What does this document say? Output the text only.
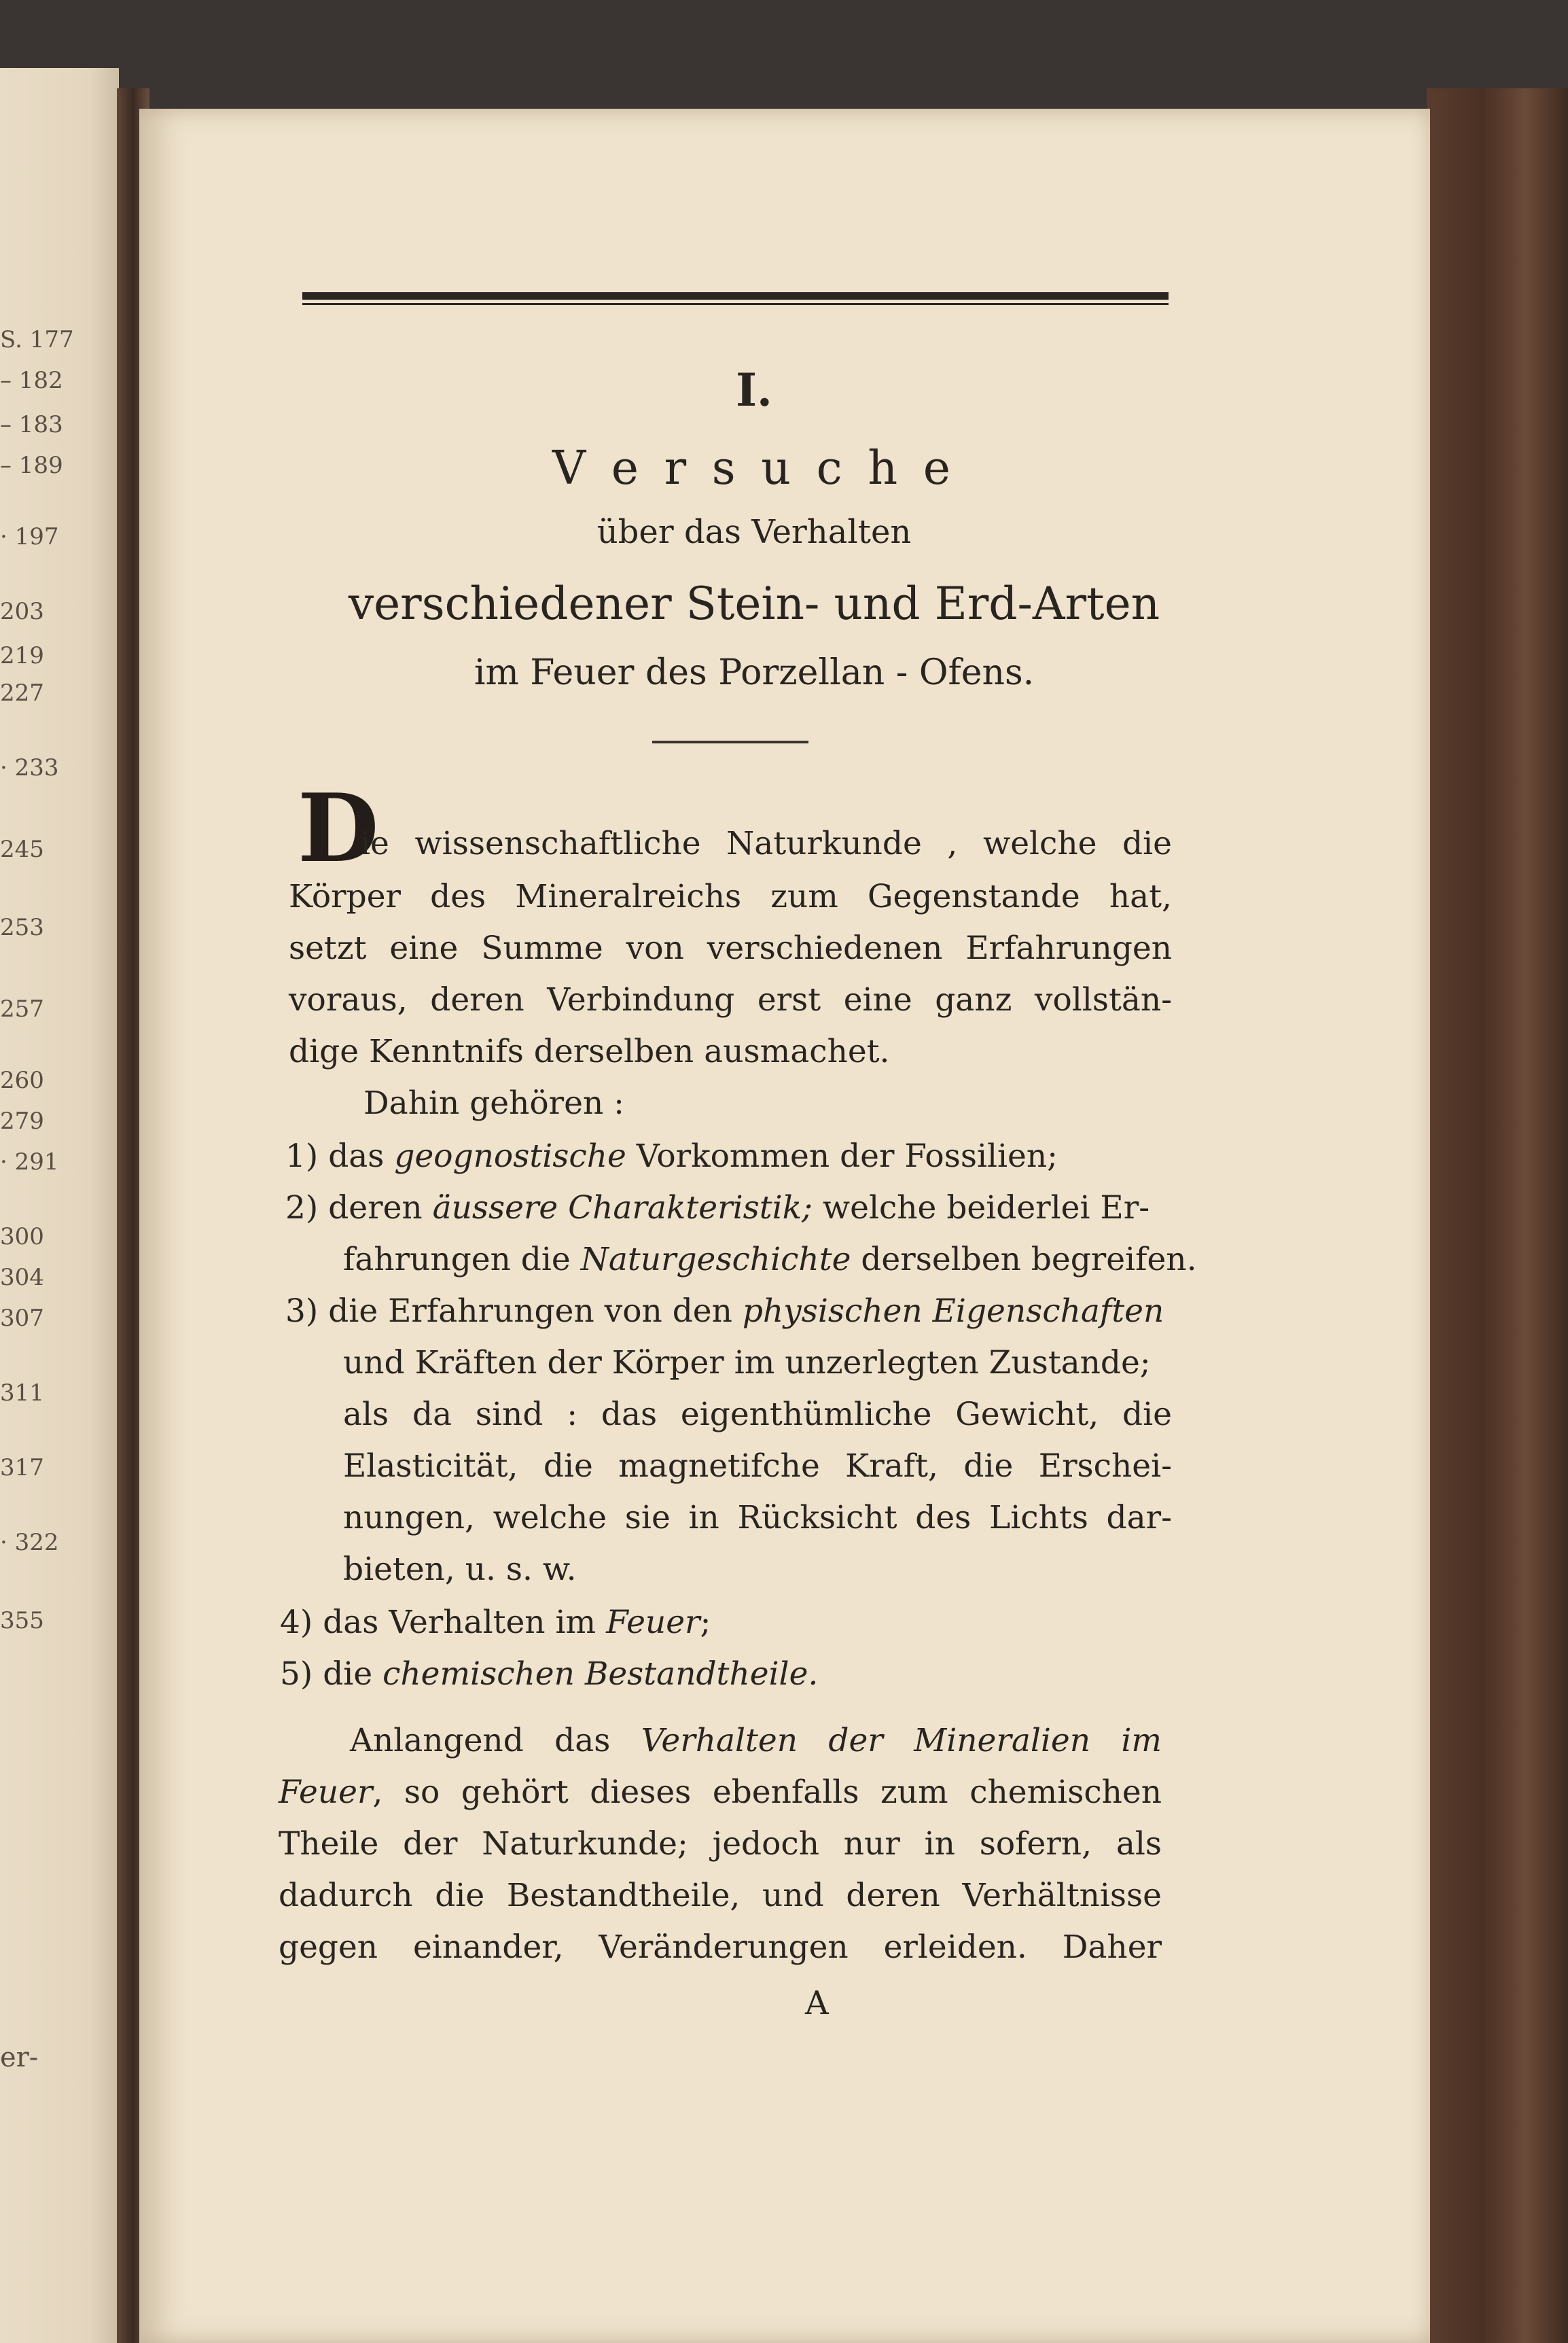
S. 177
– 182
– 183
– 189
· 197
203
219
227
· 233
245
253
257
260
279
· 291
300
304
307
311
317
· 322
355
er-
I.
V e r s u c h e
über das Verhalten
verschiedener Stein- und Erd-Arten
im Feuer des Porzellan - Ofens.
D
ie wissenschaftliche Naturkunde , welche die
Körper des Mineralreichs zum Gegenstande hat,
setzt eine Summe von verschiedenen Erfahrungen
voraus, deren Verbindung erst eine ganz vollstän-
dige Kenntnifs derselben ausmachet.
Dahin gehören :
1) das geognostische Vorkommen der Fossilien;
2) deren äussere Charakteristik; welche beiderlei Er-
fahrungen die Naturgeschichte derselben begreifen.
3) die Erfahrungen von den physischen Eigenschaften
und Kräften der Körper im unzerlegten Zustande;
als da sind : das eigenthümliche Gewicht, die
Elasticität, die magnetifche Kraft, die Erschei-
nungen, welche sie in Rücksicht des Lichts dar-
bieten, u. s. w.
4) das Verhalten im Feuer;
5) die chemischen Bestandtheile.
Anlangend das Verhalten der Mineralien im
Feuer, so gehört dieses ebenfalls zum chemischen
Theile der Naturkunde; jedoch nur in sofern, als
dadurch die Bestandtheile, und deren Verhältnisse
gegen einander, Veränderungen erleiden. Daher
A
